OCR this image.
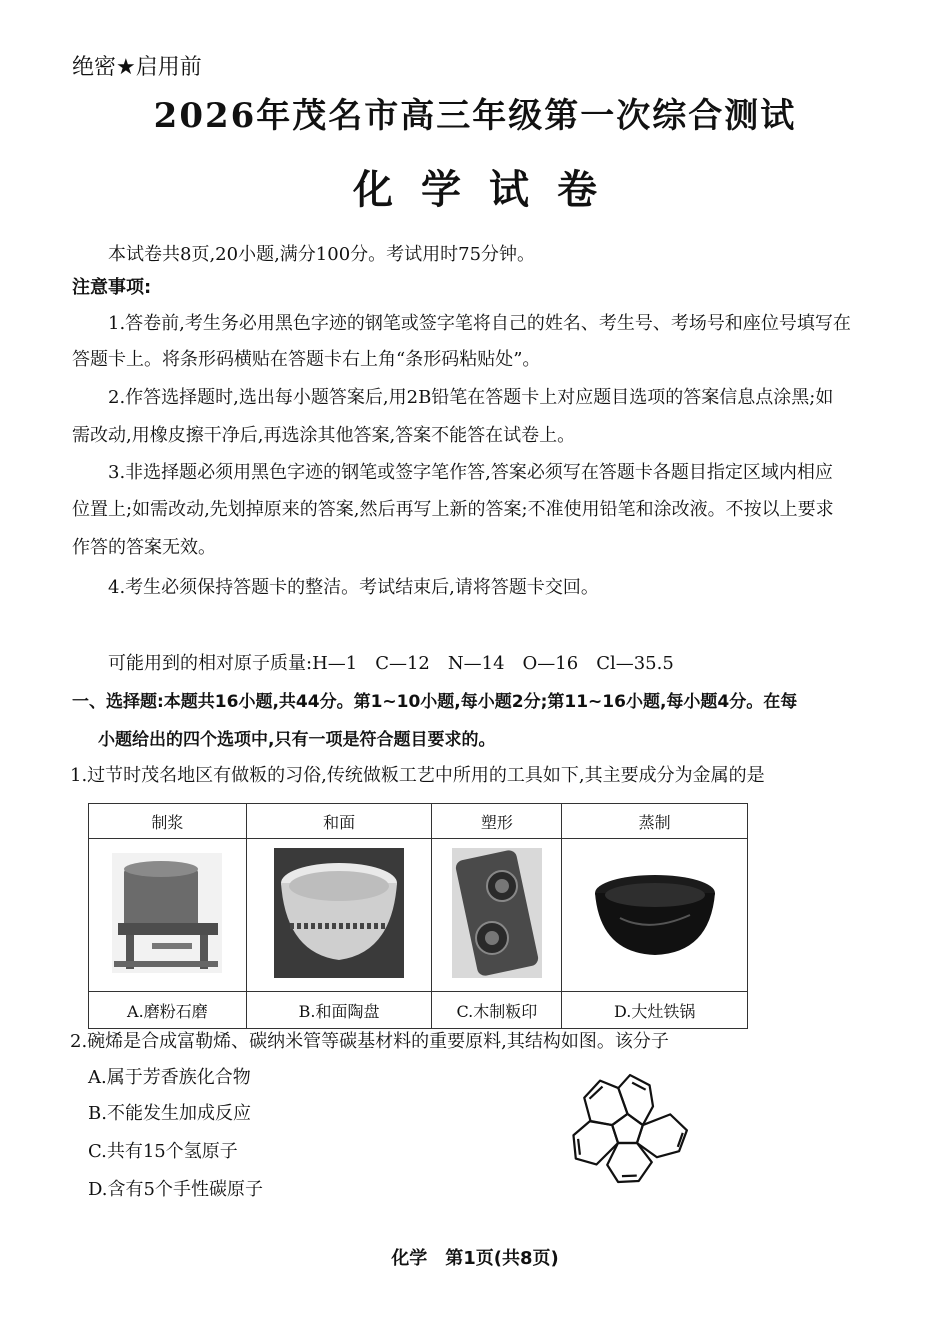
绝密★启用前
2026年茂名市高三年级第一次综合测试
化学试卷
本试卷共8页,20小题,满分100分。考试用时75分钟。
注意事项:
1.答卷前,考生务必用黑色字迹的钢笔或签字笔将自己的姓名、考生号、考场号和座位号填写在
答题卡上。将条形码横贴在答题卡右上角“条形码粘贴处”。
2.作答选择题时,选出每小题答案后,用2B铅笔在答题卡上对应题目选项的答案信息点涂黑;如
需改动,用橡皮擦干净后,再选涂其他答案,答案不能答在试卷上。
3.非选择题必须用黑色字迹的钢笔或签字笔作答,答案必须写在答题卡各题目指定区域内相应
位置上;如需改动,先划掉原来的答案,然后再写上新的答案;不准使用铅笔和涂改液。不按以上要求
作答的答案无效。
4.考生必须保持答题卡的整洁。考试结束后,请将答题卡交回。
可能用到的相对原子质量:H—1　C—12　N—14　O—16　Cl—35.5
一、选择题:本题共16小题,共44分。第1~10小题,每小题2分;第11~16小题,每小题4分。在每
小题给出的四个选项中,只有一项是符合题目要求的。
1.过节时茂名地区有做粄的习俗,传统做粄工艺中所用的工具如下,其主要成分为金属的是
制浆	和面	塑形	蒸制

A.磨粉石磨	B.和面陶盘	C.木制粄印	D.大灶铁锅
2.碗烯是合成富勒烯、碳纳米管等碳基材料的重要原料,其结构如图。该分子
A.属于芳香族化合物
B.不能发生加成反应
C.共有15个氢原子
D.含有5个手性碳原子
化学　第1页(共8页)
